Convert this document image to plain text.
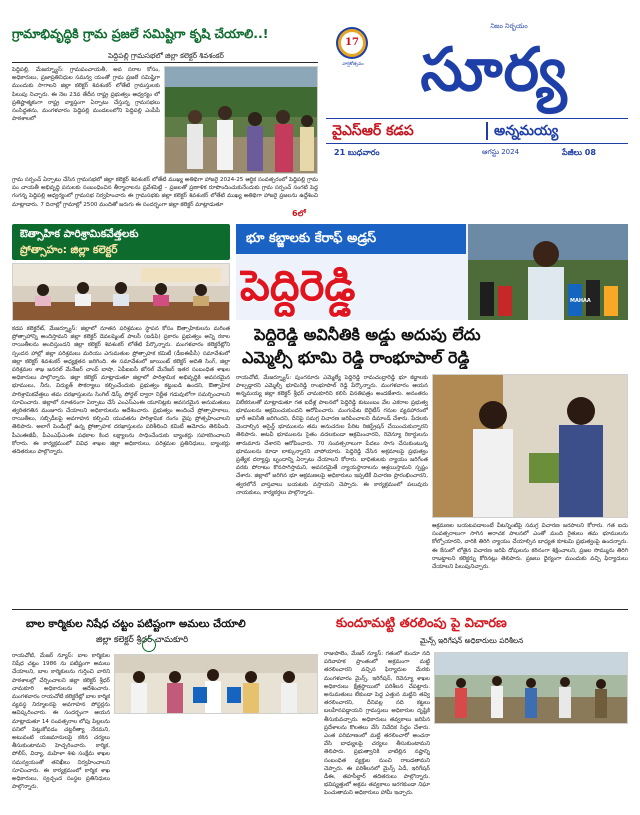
గ్రామాభివృద్ధికి గ్రామ ప్రజలే సమిష్టిగా కృషి చేయాలి..!
పెద్దిపల్లి గ్రామసభలో జిల్లా కలెక్టర్ శివశంకర్
పెద్దిపల్లి, మేజర్న్యూస్: గ్రామపంచాయతీ, అవ సరాల కోసం, అధికారులు, ప్రజాప్రతినిధుల సమన్వ యంతో గ్రామ ప్రజలే సమిష్టిగా ముందుకు సాగాలని జిల్లా కలెక్టర్ శివశంకర్ లోతేటి గ్రామస్తులకు పిలుపు నిచ్చారు. ఈ నెల 23వ తేదీన రాష్ట్ర ప్రభుత్వం ఆధ్వర్యం లో ప్రతిష్టాత్మకంగా రాష్ట్ర వ్యాప్తంగా ఏర్పాటు చేస్తున్న గ్రామసభలు సంసిద్ధతను, మంగళవారం పెద్దిపల్లి మండలంలోని పెద్దిపల్లి ఎంపీపీ పాఠశాలలో
గ్రామ సర్పంచ్ ఏర్పాటు చేసిన గ్రామసభలో జిల్లా కలెక్టర్ శివశంకర్ లోతేటి ముఖ్య అతిథిగా హాజరై 2024-25 ఆర్థిక సంవత్సరంలో పెద్దిపల్లి గ్రామ పం చాయతీ అభివృద్ధి పనులకు సంబంధించిన తీర్మానాలను ప్రవేశపెట్టి – ప్రజలతో ప్రణాళిక రూపొందించుకునేందుకు గ్రామ సర్పంచ్ సంగటి పెద్ద గంగన్న పెద్దిపల్లి ఆధ్వర్యంలో గ్రామసభ నిర్వహించారు ఈ గ్రామసభకు జిల్లా కలెక్టర్ శివశంకర్ లోతేటి ముఖ్య అతిథిగా హాజరై ప్రజలను ఉద్దేశించి మాట్లాడారు. 7 దినాల్లో గ్రామాల్లో 2500 మందితో జరుగు ఈ సందర్భంగా జిల్లా కలెక్టర్ మాట్లాడుతూ
6లో
17
వార్షికోత్సవం
నిజం నిర్భయం
సూర్య
వైఎస్ఆర్ కడప	అన్నమయ్య
21 బుధవారం	ఆగస్టు 2024	పేజీలు 08
ఔత్సాహిక పారిశ్రామికవేత్తలకు
ప్రోత్సాహం: జిల్లా కలెక్టర్
కడప కలెక్టరేట్, మేజర్న్యూస్: జిల్లాలో నూతన పరిశ్రమలు స్థాపన కోసం ఔత్సాహికులను మరింత ప్రోత్సాహాన్ని అందిస్తామని జిల్లా కలెక్టర్ డెవలప్మెంట్ పాలసీ (ఐడిపి) ప్రకారం ప్రభుత్వం అన్ని రకాల రాయితీలను అందిస్తుందని జిల్లా కలెక్టర్ శివశంకర్ లోతేటి పేర్కొన్నారు. మంగళవారం కలెక్టరేట్లోని స్పందన హాల్లో జిల్లా పరిశ్రమలు మరియు ఎగుమతుల ప్రోత్సాహక కమిటీ (డీఐఈపీసీ) సమావేశంలో జిల్లా కలెక్టర్ శివశంకర్ అధ్యక్షతన జరిగింది. ఈ సమావేశంలో జాయింట్ కలెక్టర్ అదితి సింగ్, జిల్లా పరిశ్రమల శాఖ జనరల్ మేనేజర్ చాంద్ బాషా, ఏపీఐఐసీ జోనల్ మేనేజర్ ఇతర సంబంధిత శాఖల అధికారులు పాల్గొన్నారు. జిల్లా కలెక్టర్ మాట్లాడుతూ జిల్లాలో పారిశ్రామిక అభివృద్ధికి అవసరమైన భూములు, నీరు, విద్యుత్ సౌకర్యాలు కల్పించేందుకు ప్రభుత్వం కట్టుబడి ఉందని, ఔత్సాహిక పారిశ్రామికవేత్తలు తమ దరఖాస్తులను సింగిల్ డెస్క్ పోర్టల్ ద్వారా నిర్ణీత గడువులోగా సమర్పించాలని సూచించారు. జిల్లాలో నూతనంగా ఏర్పాటు చేసే ఎంఎస్ఎంఈ యూనిట్లకు అవసరమైన అనుమతులు త్వరితగతిన మంజూరు చేయాలని అధికారులను ఆదేశించారు. ప్రభుత్వం అందించే ప్రోత్సాహకాలు, రాయితీలు, సబ్సిడీలపై అవగాహన కల్పించి యువతను పారిశ్రామిక రంగం వైపు ప్రోత్సహించాలని తెలిపారు. అలాగే పెండింగ్లో ఉన్న ప్రోత్సాహక దరఖాస్తులను పరిశీలించి కమిటీ ఆమోదం తెలిపింది. పీఎంఈజీపీ, పీఎంఎఫ్ఎంఈ పథకాల కింద లక్ష్యాలను సాధించేందుకు బ్యాంకర్లు సహకరించాలని కోరారు. ఈ కార్యక్రమంలో వివిధ శాఖల జిల్లా అధికారులు, పరిశ్రమల ప్రతినిధులు, బ్యాంకర్లు తదితరులు పాల్గొన్నారు.
భూ కబ్జాలకు కేరాఫ్ అడ్రస్
పెద్దిరెడ్డి	MAHAA
పెద్దిరెడ్డి అవినీతికి అడ్డు అదుపు లేదు
ఎమ్మెల్సీ భూమి రెడ్డి రాంభూపాల్ రెడ్డి
రాయచోటి, మేజర్న్యూస్: పుంగనూరు ఎమ్మెల్యే పెద్దిరెడ్డి రామచంద్రారెడ్డి భూ కబ్జాలకు పాల్పడ్డారని ఎమ్మెల్సీ భూమిరెడ్డి రాంభూపాల్ రెడ్డి పేర్కొన్నారు. మంగళవారం ఆయన అన్నమయ్య జిల్లా కలెక్టర్ శ్రీధర్ చామకూరిని కలిసి వినతిపత్రం అందజేశారు. అనంతరం విలేకరులతో మాట్లాడుతూ గత ఐదేళ్ల పాలనలో పెద్దిరెడ్డి కుటుంబం వేల ఎకరాల ప్రభుత్వ భూములను ఆక్రమించుకుందని ఆరోపించారు. మంగంపేట బెరైటీస్ గనుల వ్యవహారంలో భారీ అవినీతి జరిగిందని, దీనిపై సమగ్ర విచారణ జరిపించాలని డిమాండ్ చేశారు. పేదలకు చెందాల్సిన అసైన్డ్ భూములను తమ అనుచరుల పేరిట రిజిస్ట్రేషన్ చేయించుకున్నారని తెలిపారు. అటవీ భూములను సైతం వదలకుండా ఆక్రమించారని, రెవెన్యూ రికార్డులను తారుమారు చేశారని ఆరోపించారు. 70 సంవత్సరాలుగా పేదలు సాగు చేసుకుంటున్న భూములను కూడా లాక్కున్నారని వాపోయారు. పెద్దిరెడ్డి చేసిన అక్రమాలపై ప్రభుత్వం ప్రత్యేక దర్యాప్తు బృందాన్ని ఏర్పాటు చేయాలని కోరారు. బాధితులకు న్యాయం జరిగేంత వరకు పోరాటం కొనసాగిస్తామని, అవసరమైతే న్యాయస్థానాలను ఆశ్రయిస్తామని స్పష్టం చేశారు. జిల్లాలో జరిగిన భూ ఆక్రమణలపై అధికారులు ఇప్పటికే విచారణ ప్రారంభించారని, త్వరలోనే వాస్తవాలు బయటకు వస్తాయని చెప్పారు. ఈ కార్యక్రమంలో పలువురు నాయకులు, కార్యకర్తలు పాల్గొన్నారు.
ఆక్రమణల బయటపడాలంటే వీటన్నింటిపై సమగ్ర విచారణ జరపాలని కోరారు. గత ఐదు సంవత్సరాలుగా సాగిన అరాచక పాలనలో ఎంతో మంది రైతులు తమ భూములను కోల్పోయారని, వారికి తిరిగి న్యాయం చేయాల్సిన బాధ్యత కూటమి ప్రభుత్వంపై ఉందన్నారు. ఈ కేసులో లోతైన విచారణ జరిపి దోషులను కఠినంగా శిక్షించాలని, ప్రజల సొమ్మును తిరిగి రాబట్టాలని కలెక్టర్ను కోరినట్లు తెలిపారు. ప్రజలు ధైర్యంగా ముందుకు వచ్చి ఫిర్యాదులు చేయాలని పిలుపునిచ్చారు.
బాల కార్మికుల నిషేధ చట్టం పటిష్టంగా అమలు చేయాలి
జిల్లా కలెక్టర్ శ్రీధర్ చామకూరి
రాయచోటి, మేజర్ న్యూస్: బాల కార్మికుల నిషేధ చట్టం 1986 ను పటిష్టంగా అమలు చేయాలని, బాల కార్మికులను గుర్తించి వారిని పాఠశాలల్లో చేర్పించాలని జిల్లా కలెక్టర్ శ్రీధర్ చామకూరి అధికారులను ఆదేశించారు. మంగళవారం రాయచోటి కలెక్టరేట్లో బాల కార్మిక వ్యవస్థ నిర్మూలనపై అవగాహన పోస్టర్లను ఆవిష్కరించారు. ఈ సందర్భంగా ఆయన మాట్లాడుతూ 14 సంవత్సరాల లోపు పిల్లలను పనిలో పెట్టుకోవడం చట్టరీత్యా నేరమని, అటువంటి యజమానులపై కఠిన చర్యలు తీసుకుంటామని హెచ్చరించారు. కార్మిక, పోలీస్, విద్యా, మహిళా శిశు సంక్షేమ శాఖల సమన్వయంతో తనిఖీలు నిర్వహించాలని సూచించారు. ఈ కార్యక్రమంలో కార్మిక శాఖ అధికారులు, స్వచ్ఛంద సంస్థల ప్రతినిధులు పాల్గొన్నారు.
కుందూమట్టి తరలింపు పై విచారణ
మైన్స్ ఇరిగేషన్ అధికారులు పరిశీలన
రాజుపాలెం, మేజర్ న్యూస్: గతంలో కుందూ నది పరివాహక ప్రాంతంలో అక్రమంగా మట్టి తరలించారని వచ్చిన ఫిర్యాదుల మేరకు మంగళవారం మైన్స్, ఇరిగేషన్, రెవెన్యూ శాఖల అధికారులు క్షేత్రస్థాయిలో పరిశీలన చేపట్టారు. అనుమతులు లేకుండా పెద్ద ఎత్తున మట్టిని తవ్వి తరలించారని, దీనివల్ల నది కట్టలు బలహీనపడ్డాయని గ్రామస్తులు అధికారుల దృష్టికి తీసుకువచ్చారు. అధికారులు తవ్వకాలు జరిపిన ప్రదేశాలను కొలతలు వేసి నివేదిక సిద్ధం చేశారు. ఎంత పరిమాణంలో మట్టి తరలించారో అంచనా వేసి బాధ్యులపై చర్యలు తీసుకుంటామని తెలిపారు. ప్రభుత్వానికి వాటిల్లిన నష్టాన్ని సంబంధిత వ్యక్తుల నుంచి రాబడతామని చెప్పారు. ఈ పరిశీలనలో మైన్స్ ఏడీ, ఇరిగేషన్ డీఈ, తహసీల్దార్ తదితరులు పాల్గొన్నారు. భవిష్యత్తులో అక్రమ తవ్వకాలు జరగకుండా నిఘా పెంచుతామని అధికారులు హామీ ఇచ్చారు.
